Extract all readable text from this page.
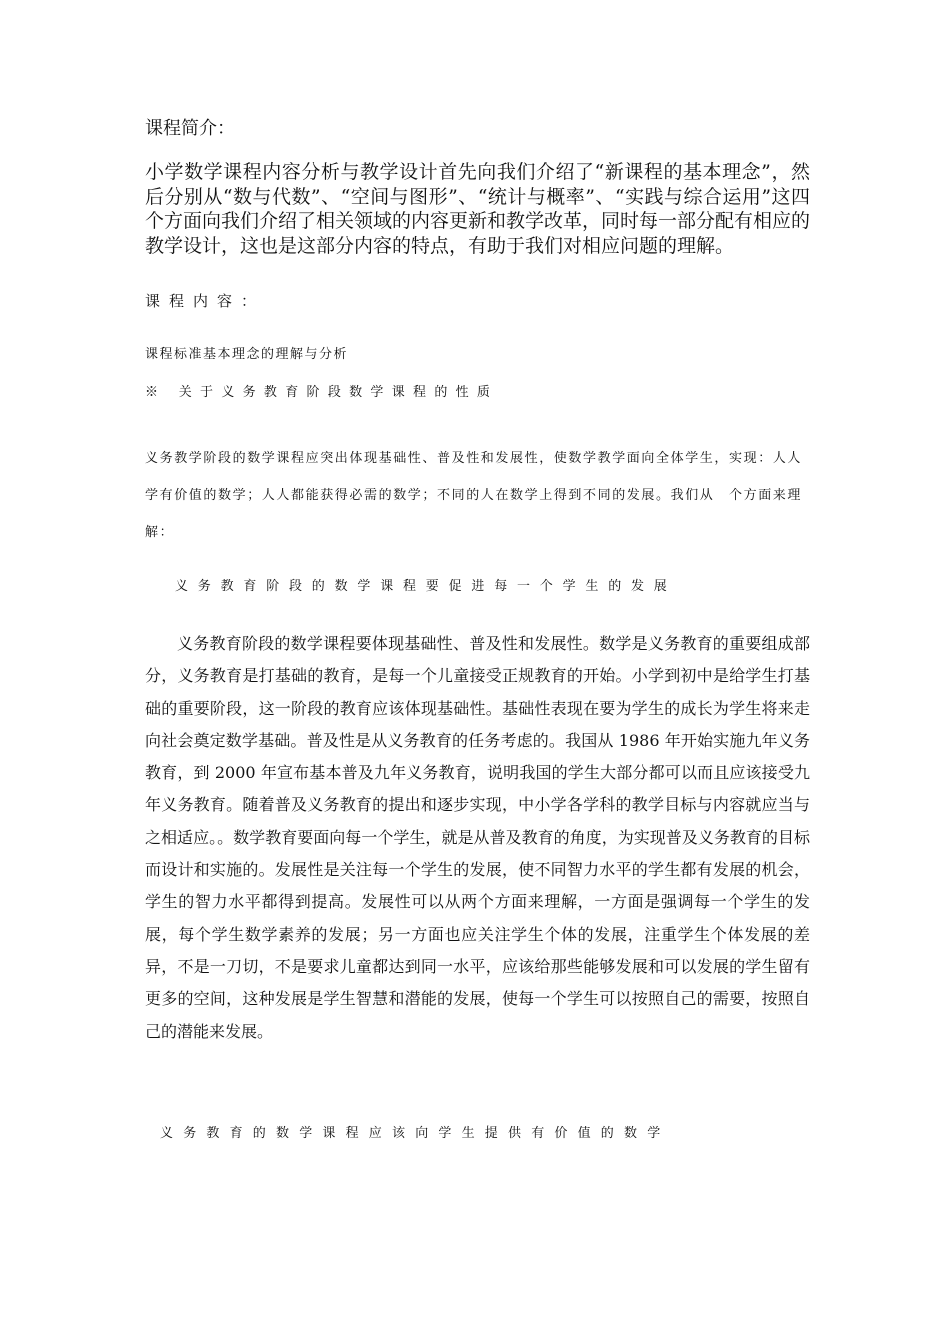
课程简介：
小学数学课程内容分析与教学设计首先向我们介绍了“新课程的基本理念”，然后分别从“数与代数”、“空间与图形”、“统计与概率”、“实践与综合运用”这四个方面向我们介绍了相关领域的内容更新和教学改革，同时每一部分配有相应的教学设计，这也是这部分内容的特点，有助于我们对相应问题的理解。
课程内容：
课程标准基本理念的理解与分析
※ 关于义务教育阶段数学课程的性质
义务教学阶段的数学课程应突出体现基础性、普及性和发展性，使数学教学面向全体学生，实现：人人学有价值的数学；人人都能获得必需的数学；不同的人在数学上得到不同的发展。我们从　个方面来理解：
义务教育阶段的数学课程要促进每一个学生的发展
义务教育阶段的数学课程要体现基础性、普及性和发展性。数学是义务教育的重要组成部分，义务教育是打基础的教育，是每一个儿童接受正规教育的开始。小学到初中是给学生打基础的重要阶段，这一阶段的教育应该体现基础性。基础性表现在要为学生的成长为学生将来走向社会奠定数学基础。普及性是从义务教育的任务考虑的。我国从 1986 年开始实施九年义务教育，到 2000 年宣布基本普及九年义务教育，说明我国的学生大部分都可以而且应该接受九年义务教育。随着普及义务教育的提出和逐步实现，中小学各学科的教学目标与内容就应当与之相适应。。数学教育要面向每一个学生，就是从普及教育的角度，为实现普及义务教育的目标而设计和实施的。发展性是关注每一个学生的发展，使不同智力水平的学生都有发展的机会，学生的智力水平都得到提高。发展性可以从两个方面来理解，一方面是强调每一个学生的发展，每个学生数学素养的发展；另一方面也应关注学生个体的发展，注重学生个体发展的差异，不是一刀切，不是要求儿童都达到同一水平，应该给那些能够发展和可以发展的学生留有更多的空间，这种发展是学生智慧和潜能的发展，使每一个学生可以按照自己的需要，按照自己的潜能来发展。
义务教育的数学课程应该向学生提供有价值的数学
